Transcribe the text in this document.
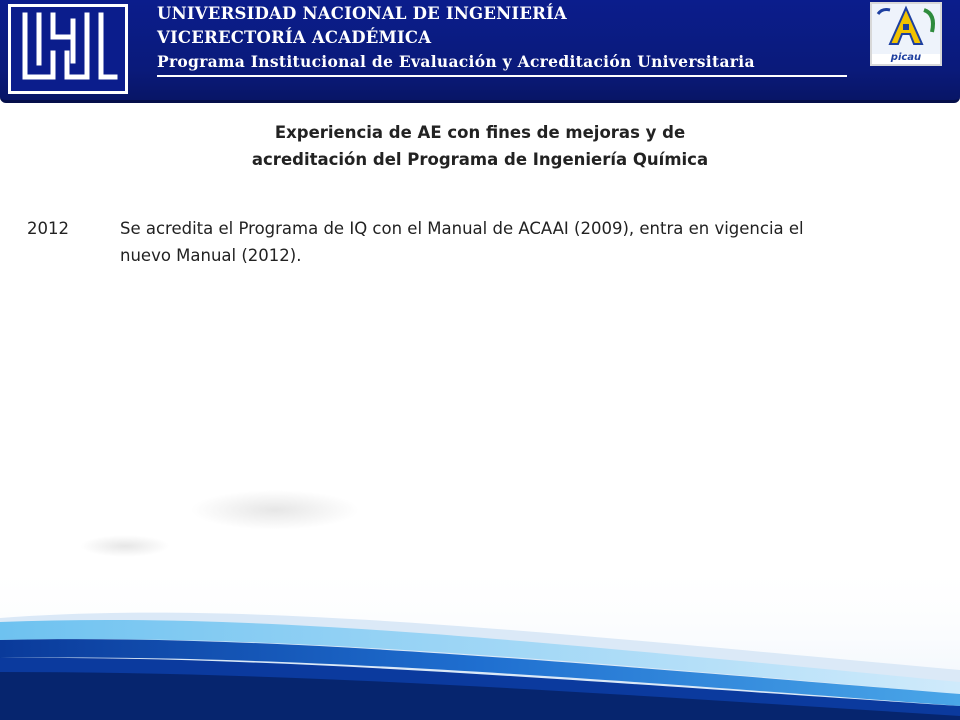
UNIVERSIDAD NACIONAL DE INGENIERÍA
VICERECTORÍA ACADÉMICA
Programa Institucional de Evaluación y Acreditación Universitaria	picau
Experiencia de AE con fines de mejoras y de
acreditación del Programa de Ingeniería Química
2012	Se acredita el Programa de IQ con el Manual de ACAAI (2009), entra en vigencia el nuevo Manual (2012).
